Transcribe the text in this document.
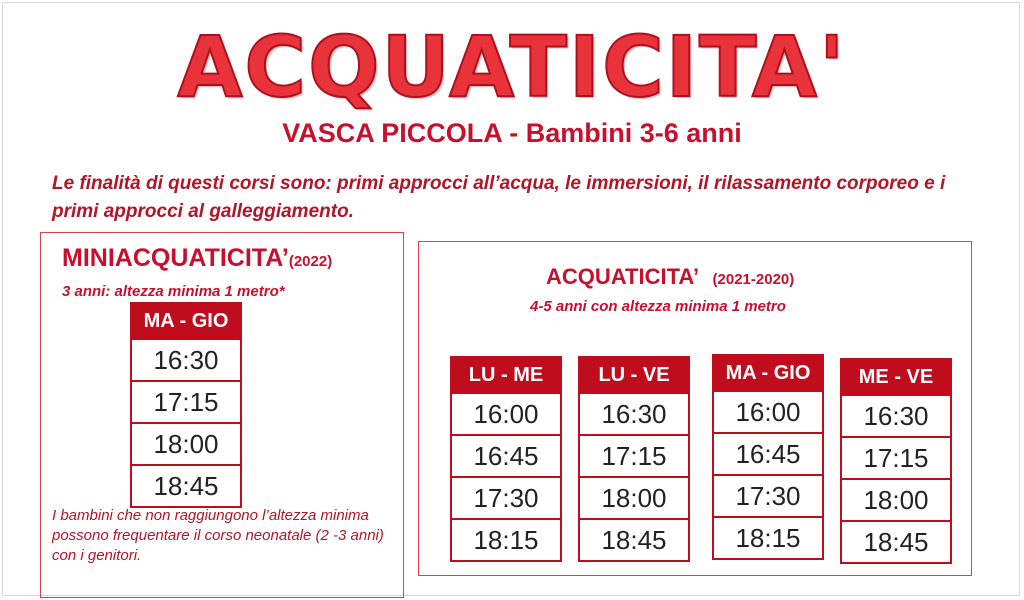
ACQUATICITA'
VASCA PICCOLA - Bambini 3-6 anni
Le finalità di questi corsi sono: primi approcci all’acqua, le immersioni, il rilassamento corporeo e i primi approcci al galleggiamento.
MINIACQUATICITA’(2022)
3 anni: altezza minima 1 metro*
MA - GIO
16:30
17:15
18:00
18:45
I bambini che non raggiungono l’altezza minima possono frequentare il corso neonatale (2 -3 anni) con i genitori.
ACQUATICITA’ (2021-2020)
4-5 anni con altezza minima 1 metro
LU - ME
16:00
16:45
17:30
18:15
LU - VE
16:30
17:15
18:00
18:45
MA - GIO
16:00
16:45
17:30
18:15
ME - VE
16:30
17:15
18:00
18:45
